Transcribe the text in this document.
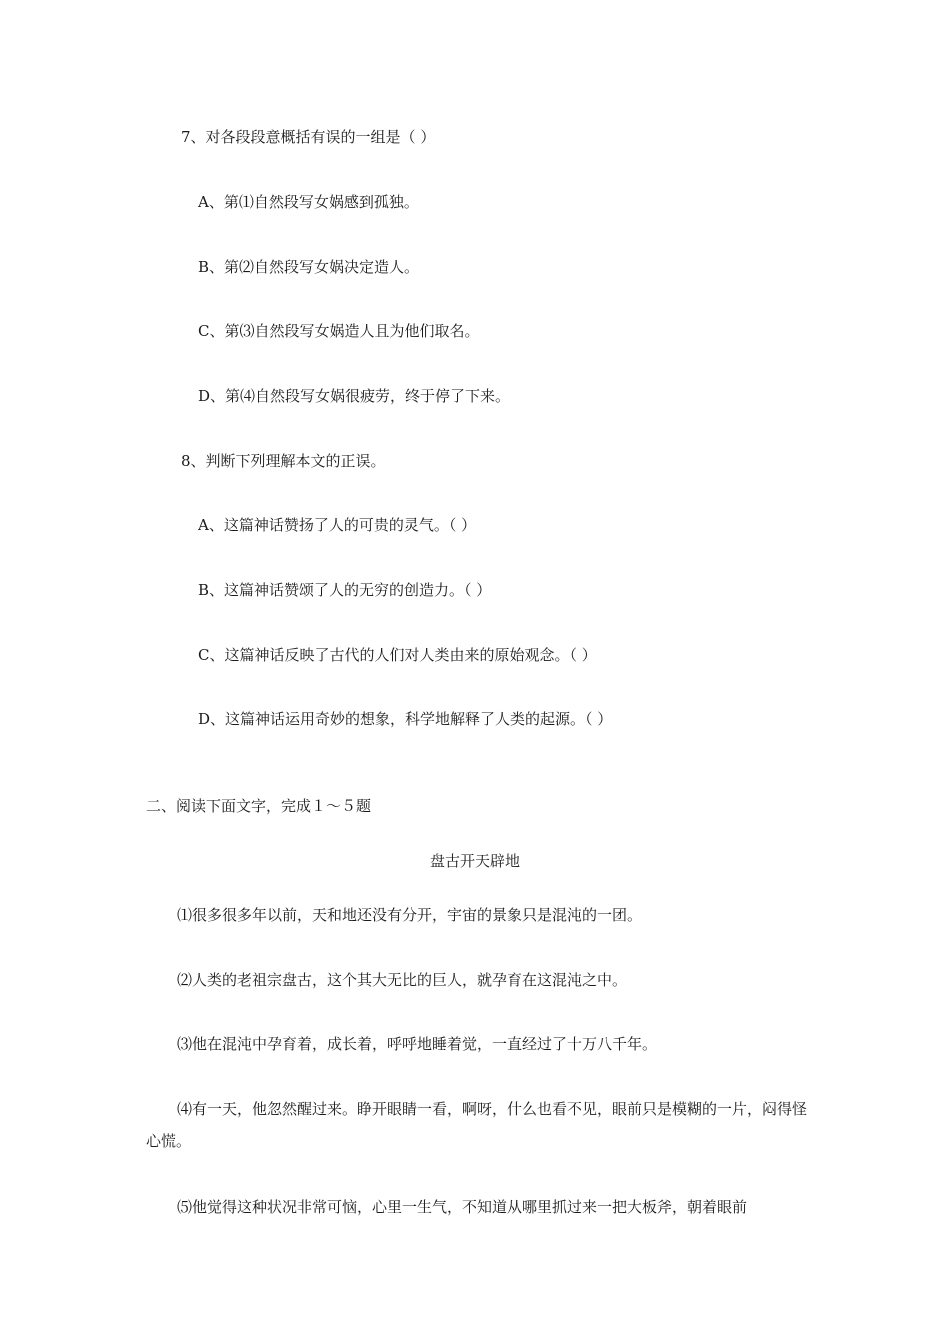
7、对各段段意概括有误的一组是（ ）
A、第⑴自然段写女娲感到孤独。
B、第⑵自然段写女娲决定造人。
C、第⑶自然段写女娲造人且为他们取名。
D、第⑷自然段写女娲很疲劳，终于停了下来。
8、判断下列理解本文的正误。
A、这篇神话赞扬了人的可贵的灵气。（ ）
B、这篇神话赞颂了人的无穷的创造力。（ ）
C、这篇神话反映了古代的人们对人类由来的原始观念。（ ）
D、这篇神话运用奇妙的想象，科学地解释了人类的起源。（ ）
二、阅读下面文字，完成１～５题
盘古开天辟地
⑴很多很多年以前，天和地还没有分开，宇宙的景象只是混沌的一团。
⑵人类的老祖宗盘古，这个其大无比的巨人，就孕育在这混沌之中。
⑶他在混沌中孕育着，成长着，呼呼地睡着觉，一直经过了十万八千年。
⑷有一天，他忽然醒过来。睁开眼睛一看，啊呀，什么也看不见，眼前只是模糊的一片，闷得怪心慌。
⑸他觉得这种状况非常可恼，心里一生气，不知道从哪里抓过来一把大板斧，朝着眼前
